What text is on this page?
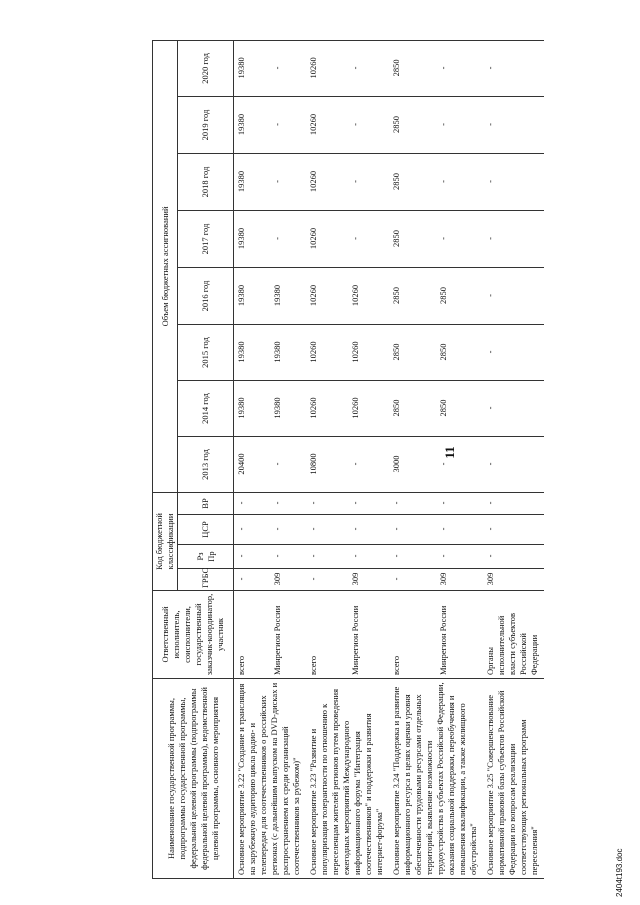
11
Наименование государственной программы, подпрограммы государственной программы, федеральной целевой программы (подпрограммы федеральной целевой программы), ведомственной целевой программы, основного мероприятия	Ответственный исполнитель, соисполнители, государственный заказчик-координатор, участник	Код бюджетной классификации				Объем бюджетных ассигнований							
		ГРБС	Рз Пр	ЦСР	ВР	2013 год	2014 год	2015 год	2016 год	2017 год	2018 год	2019 год	2020 год
Основное мероприятие 3.22 "Создание и трансляция на зарубежную аудиторию цикла радио- и телепередач для соотечественников о российских регионах (с дальнейшим выпуском на DVD-дисках и распространением их среди организаций соотечественников за рубежом)"	всего	-	-	-	-	20400	19380	19380	19380	19380	19380	19380	19380
	Минрегион России	309	-	-	-	-	19380	19380	19380	-	-	-	-
Основное мероприятие 3.23 "Развитие и популяризация толерантности по отношению к переселенцам жителей регионов путем проведения ежегодных мероприятий Международного информационного форума "Интеграция соотечественников" и поддержки и развития интернет-форума"	всего	-	-	-	-	10800	10260	10260	10260	10260	10260	10260	10260
	Минрегион России	309	-	-	-	-	10260	10260	10260	-	-	-	-
Основное мероприятие 3.24 "Поддержка и развитие информационного ресурса в целях оценки уровня обеспеченности трудовыми ресурсами отдельных территорий, выявление возможности трудоустройства в субъектах Российской Федерации, оказания социальной поддержки, переобучения и повышения квалификации, а также жилищного обустройства"	всего	-	-	-	-	3000	2850	2850	2850	2850	2850	2850	2850
	Минрегион России	309	-	-	-	-	2850	2850	2850	-	-	-	-
Основное мероприятие 3.25 "Совершенствование нормативной правовой базы субъектов Российской Федерации по вопросам реализации соответствующих региональных программ переселения"	Органы исполнительной власти субъектов Российской Федерации	309	-	-	-	-	-	-	-	-	-	-	-
2404t193.doc
